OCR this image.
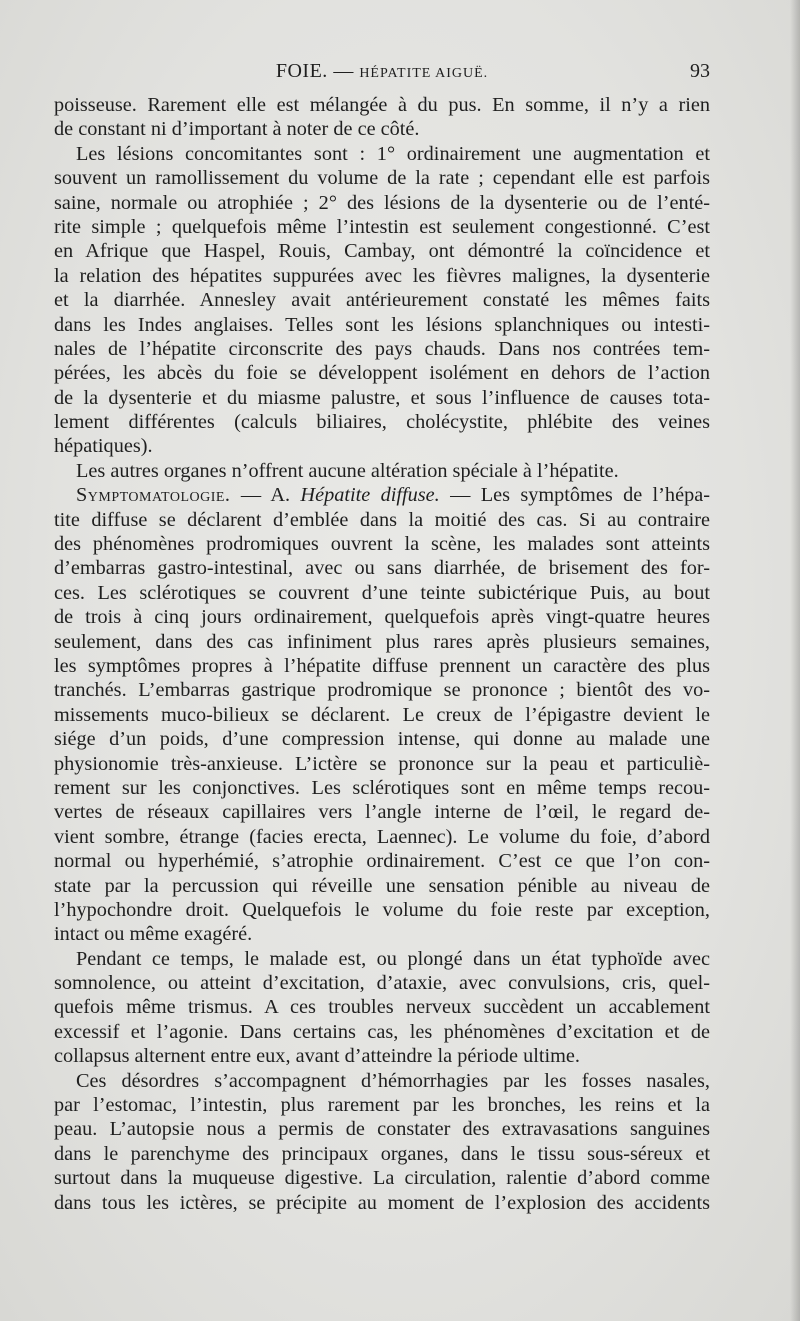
FOIE. — HÉPATITE AIGUË.	93
poisseuse. Rarement elle est mélangée à du pus. En somme, il n’y a rien
de constant ni d’important à noter de ce côté.
Les lésions concomitantes sont : 1° ordinairement une augmentation et
souvent un ramollissement du volume de la rate ; cependant elle est parfois
saine, normale ou atrophiée ; 2° des lésions de la dysenterie ou de l’enté-
rite simple ; quelquefois même l’intestin est seulement congestionné. C’est
en Afrique que Haspel, Rouis, Cambay, ont démontré la coïncidence et
la relation des hépatites suppurées avec les fièvres malignes, la dysenterie
et la diarrhée. Annesley avait antérieurement constaté les mêmes faits
dans les Indes anglaises. Telles sont les lésions splanchniques ou intesti-
nales de l’hépatite circonscrite des pays chauds. Dans nos contrées tem-
pérées, les abcès du foie se développent isolément en dehors de l’action
de la dysenterie et du miasme palustre, et sous l’influence de causes tota-
lement différentes (calculs biliaires, cholécystite, phlébite des veines
hépatiques).
Les autres organes n’offrent aucune altération spéciale à l’hépatite.
Symptomatologie. — A. Hépatite diffuse. — Les symptômes de l’hépa-
tite diffuse se déclarent d’emblée dans la moitié des cas. Si au contraire
des phénomènes prodromiques ouvrent la scène, les malades sont atteints
d’embarras gastro-intestinal, avec ou sans diarrhée, de brisement des for-
ces. Les sclérotiques se couvrent d’une teinte subictérique Puis, au bout
de trois à cinq jours ordinairement, quelquefois après vingt-quatre heures
seulement, dans des cas infiniment plus rares après plusieurs semaines,
les symptômes propres à l’hépatite diffuse prennent un caractère des plus
tranchés. L’embarras gastrique prodromique se prononce ; bientôt des vo-
missements muco-bilieux se déclarent. Le creux de l’épigastre devient le
siége d’un poids, d’une compression intense, qui donne au malade une
physionomie très-anxieuse. L’ictère se prononce sur la peau et particuliè-
rement sur les conjonctives. Les sclérotiques sont en même temps recou-
vertes de réseaux capillaires vers l’angle interne de l’œil, le regard de-
vient sombre, étrange (facies erecta, Laennec). Le volume du foie, d’abord
normal ou hyperhémié, s’atrophie ordinairement. C’est ce que l’on con-
state par la percussion qui réveille une sensation pénible au niveau de
l’hypochondre droit. Quelquefois le volume du foie reste par exception,
intact ou même exagéré.
Pendant ce temps, le malade est, ou plongé dans un état typhoïde avec
somnolence, ou atteint d’excitation, d’ataxie, avec convulsions, cris, quel-
quefois même trismus. A ces troubles nerveux succèdent un accablement
excessif et l’agonie. Dans certains cas, les phénomènes d’excitation et de
collapsus alternent entre eux, avant d’atteindre la période ultime.
Ces désordres s’accompagnent d’hémorrhagies par les fosses nasales,
par l’estomac, l’intestin, plus rarement par les bronches, les reins et la
peau. L’autopsie nous a permis de constater des extravasations sanguines
dans le parenchyme des principaux organes, dans le tissu sous-séreux et
surtout dans la muqueuse digestive. La circulation, ralentie d’abord comme
dans tous les ictères, se précipite au moment de l’explosion des accidents
